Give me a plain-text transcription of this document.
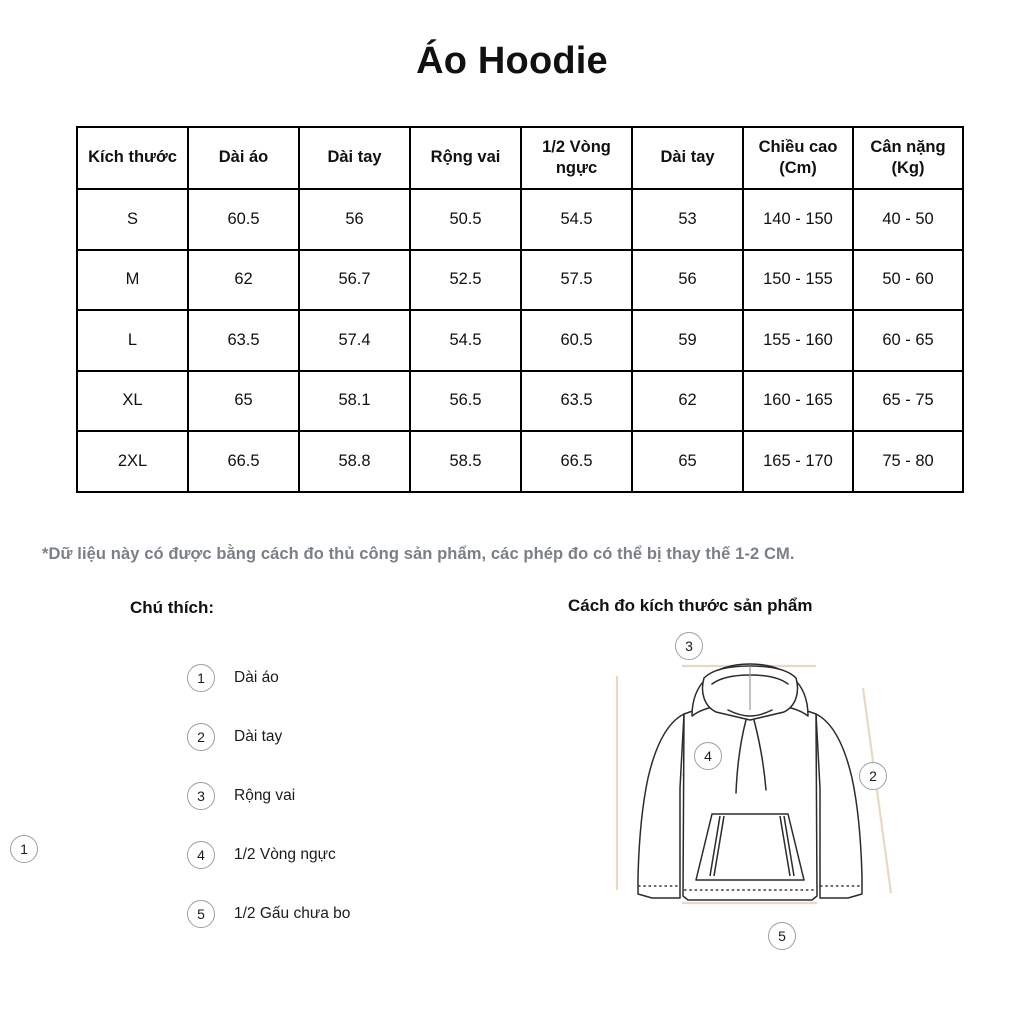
Áo Hoodie
Kích thước	Dài áo	Dài tay	Rộng vai	1/2 Vòng ngực	Dài tay	Chiều cao (Cm)	Cân nặng (Kg)
S	60.5	56	50.5	54.5	53	140 - 150	40 - 50
M	62	56.7	52.5	57.5	56	150 - 155	50 - 60
L	63.5	57.4	54.5	60.5	59	155 - 160	60 - 65
XL	65	58.1	56.5	63.5	62	160 - 165	65 - 75
2XL	66.5	58.8	58.5	66.5	65	165 - 170	75 - 80
*Dữ liệu này có được bằng cách đo thủ công sản phẩm, các phép đo có thể bị thay thế 1-2 CM.
Chú thích:
1	Dài áo
2	Dài tay
3	Rộng vai
4	1/2 Vòng ngực
5	1/2 Gấu chưa bo
Cách đo kích thước sản phẩm
1
2
3
4
5
